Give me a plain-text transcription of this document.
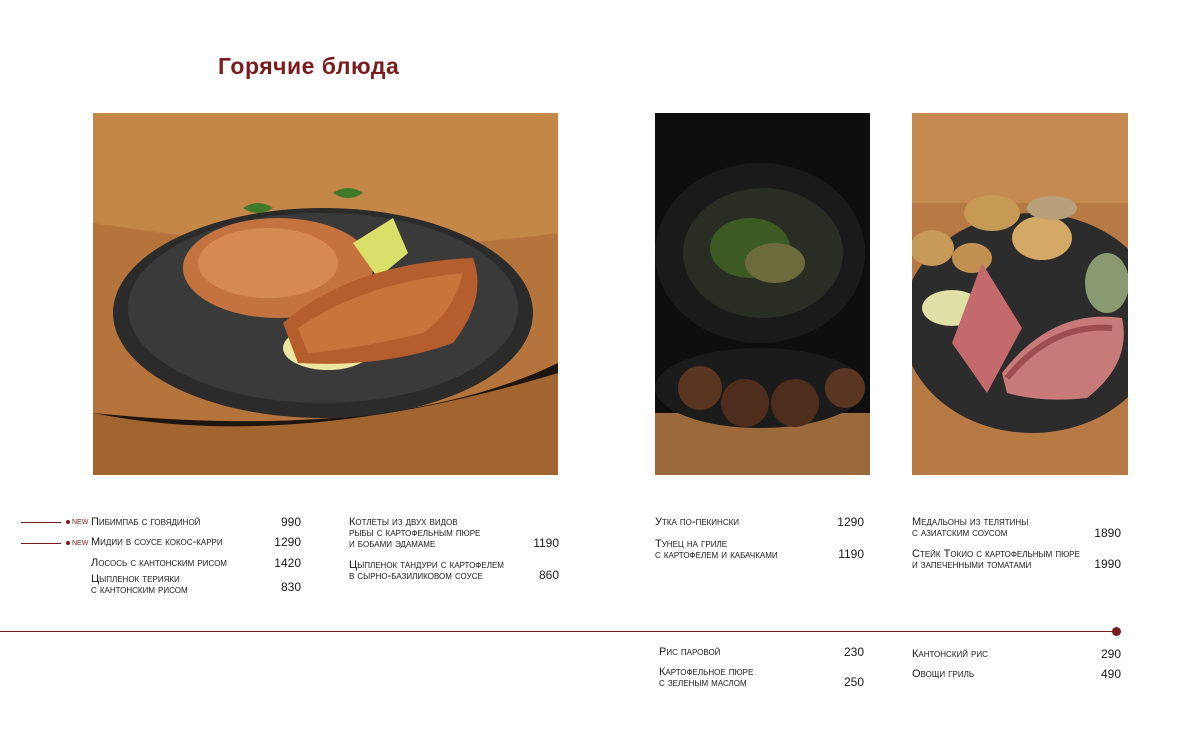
Горячие блюда
Пибимпаб с говядиной	990
Мидии в соусе кокос-карри	1290
Лосось с кантонским рисом	1420
Цыпленок терияки
с кантонским рисом	830
NEW
NEW
Котлеты из двух видов
рыбы с картофельным пюре
и бобами эдамаме	1190
Цыпленок тандури с картофелем
в сырно-базиликовом соусе	860
Утка по-пекински	1290
Тунец на гриле
с картофелем и кабачками	1190
Медальоны из телятины
с азиатским соусом	1890
Стейк Токио с картофельным пюре
и запеченными томатами	1990
Рис паровой	230
Картофельное пюре
с зеленым маслом	250
Кантонский рис	290
Овощи гриль	490
